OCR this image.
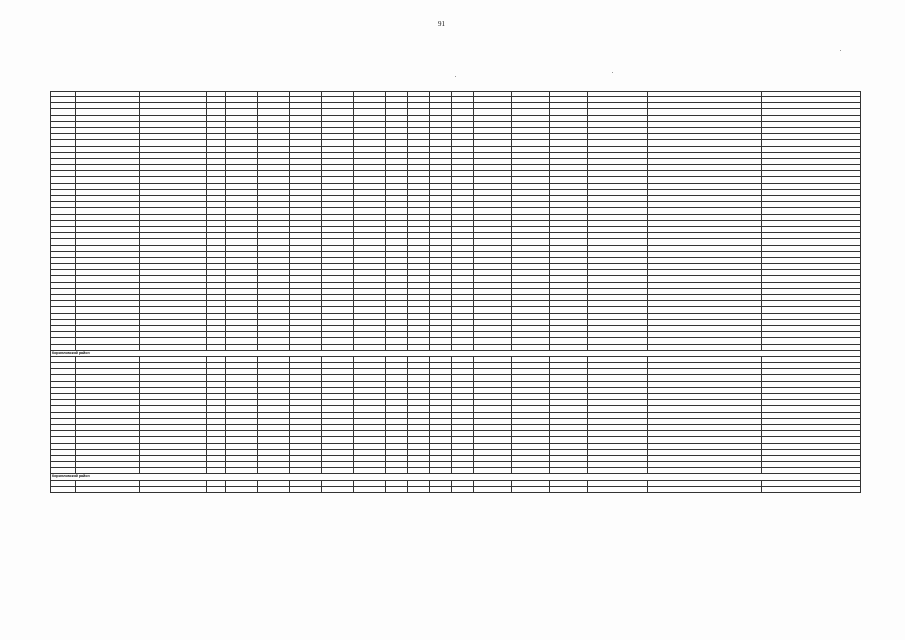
91

Кирилловский район																		

Кирилловский район																		
